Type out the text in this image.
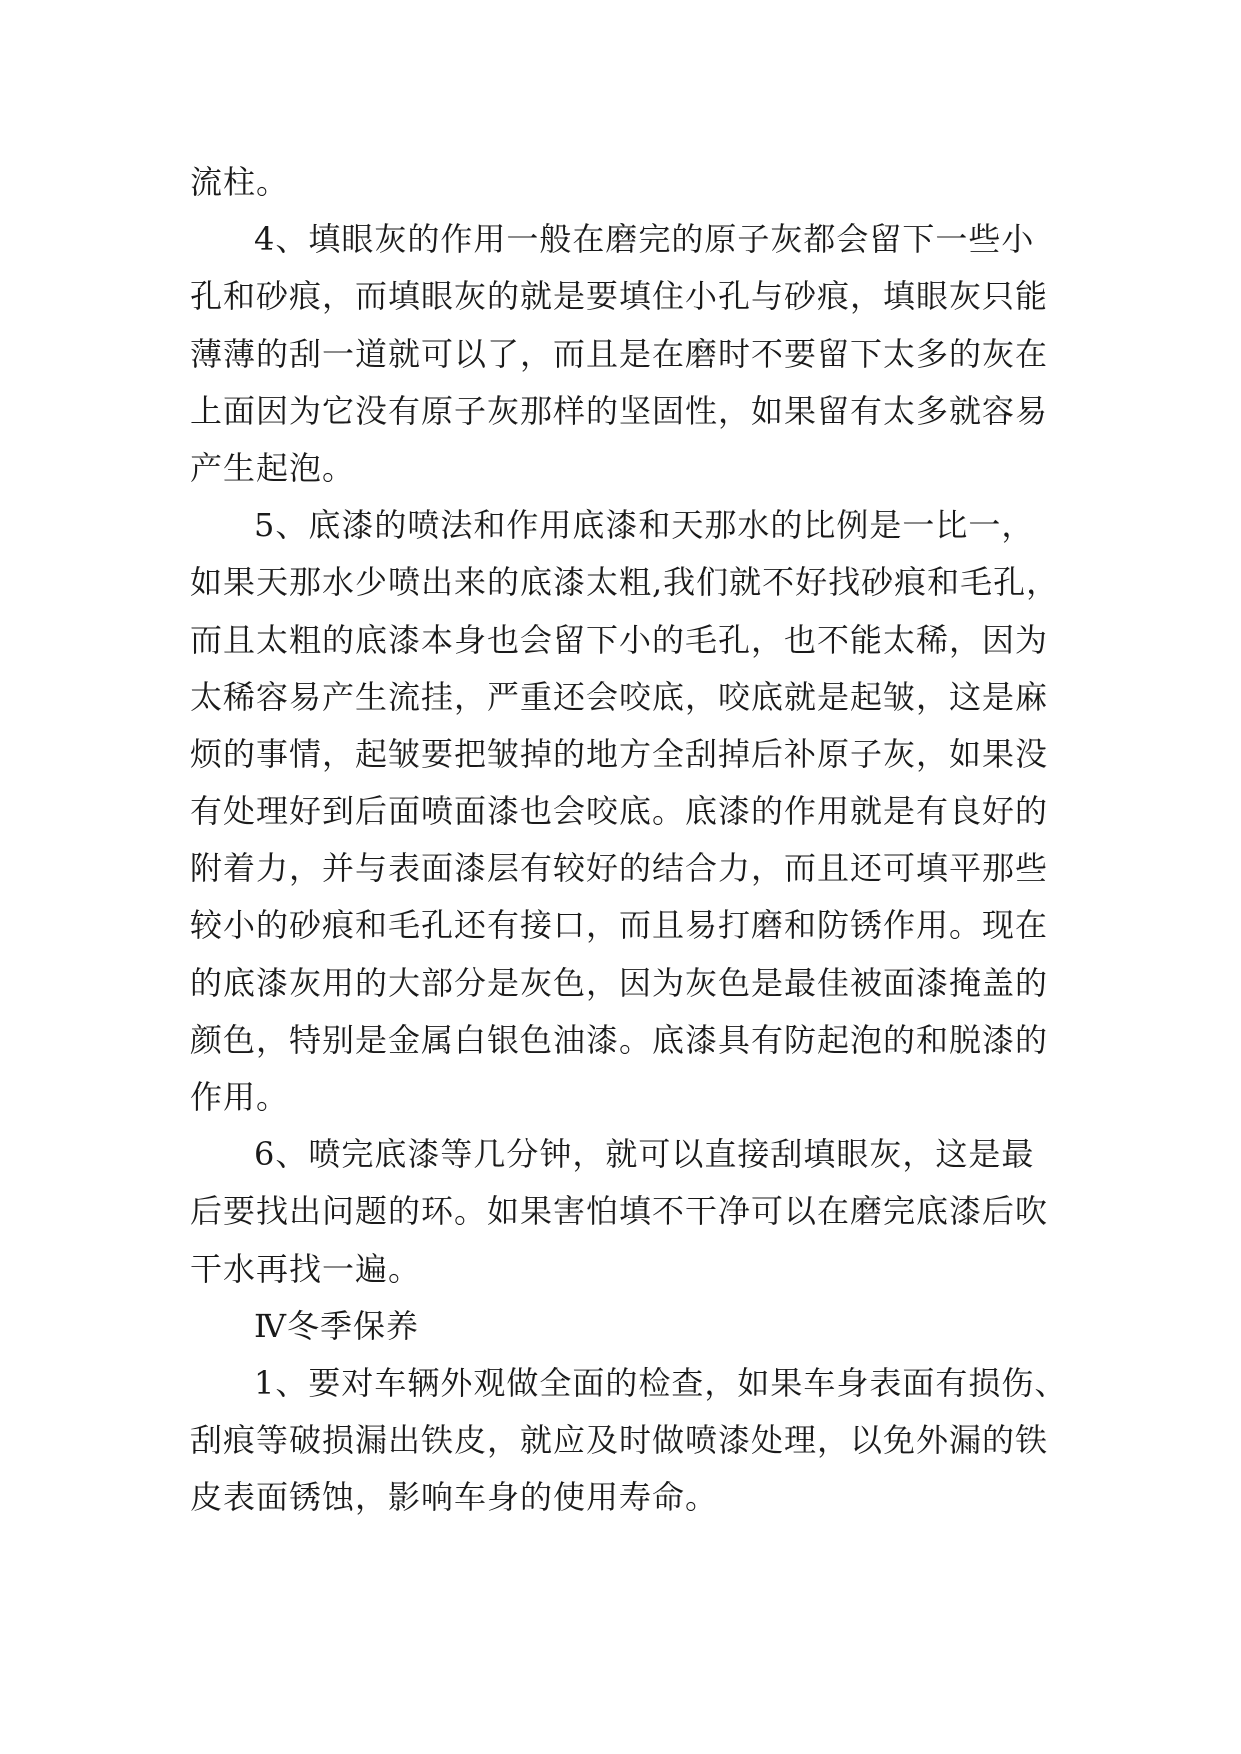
流柱。
4、填眼灰的作用一般在磨完的原子灰都会留下一些小
孔和砂痕，而填眼灰的就是要填住小孔与砂痕，填眼灰只能
薄薄的刮一道就可以了，而且是在磨时不要留下太多的灰在
上面因为它没有原子灰那样的坚固性，如果留有太多就容易
产生起泡。
5、底漆的喷法和作用底漆和天那水的比例是一比一，
如果天那水少喷出来的底漆太粗,我们就不好找砂痕和毛孔，
而且太粗的底漆本身也会留下小的毛孔，也不能太稀，因为
太稀容易产生流挂，严重还会咬底，咬底就是起皱，这是麻
烦的事情，起皱要把皱掉的地方全刮掉后补原子灰，如果没
有处理好到后面喷面漆也会咬底。底漆的作用就是有良好的
附着力，并与表面漆层有较好的结合力，而且还可填平那些
较小的砂痕和毛孔还有接口，而且易打磨和防锈作用。现在
的底漆灰用的大部分是灰色，因为灰色是最佳被面漆掩盖的
颜色，特别是金属白银色油漆。底漆具有防起泡的和脱漆的
作用。
6、喷完底漆等几分钟，就可以直接刮填眼灰，这是最
后要找出问题的环。如果害怕填不干净可以在磨完底漆后吹
干水再找一遍。
Ⅳ冬季保养
1、要对车辆外观做全面的检查，如果车身表面有损伤、
刮痕等破损漏出铁皮，就应及时做喷漆处理，以免外漏的铁
皮表面锈蚀，影响车身的使用寿命。
